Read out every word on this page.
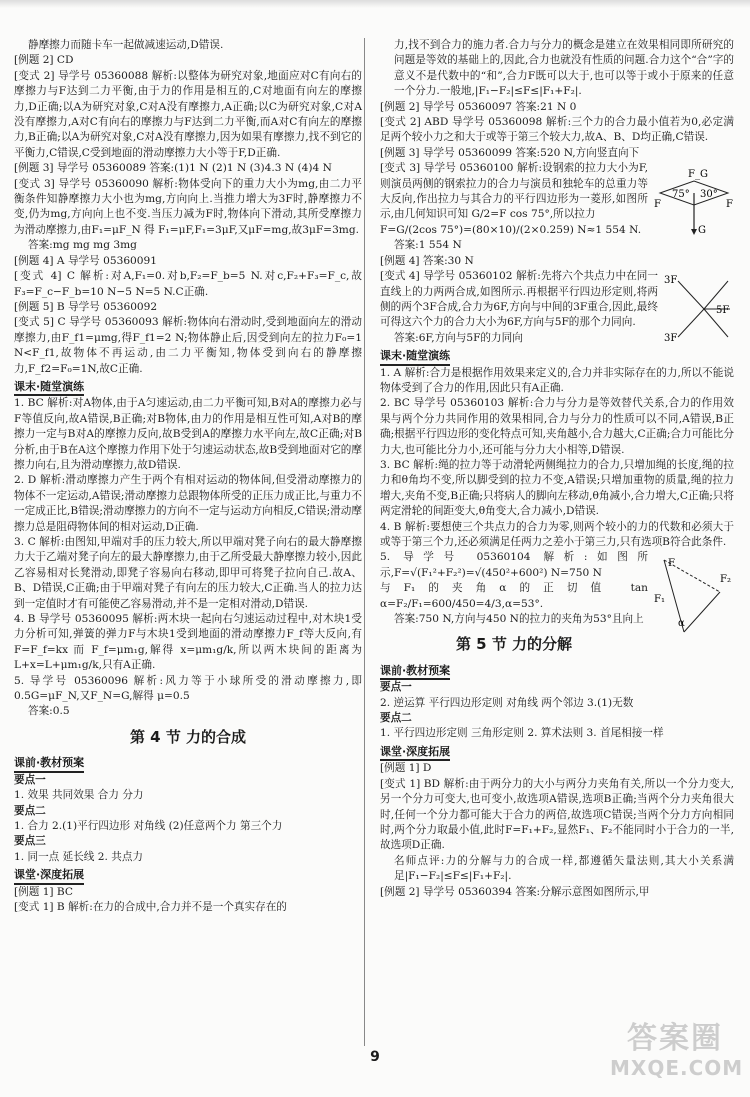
静摩擦力而随卡车一起做减速运动,D错误.

[例题 2] CD

[变式 2] 导学号 05360088 解析:以整体为研究对象,地面应对C有向右的摩擦力与F达到二力平衡,由于力的作用是相互的,C对地面有向左的摩擦力,D正确;以A为研究对象,C对A没有摩擦力,A正确;以C为研究对象,C对A没有摩擦力,A对C有向右的摩擦力与F达到二力平衡,而A对C有向左的摩擦力,B正确;以A为研究对象,C对A没有摩擦力,因为如果有摩擦力,找不到它的平衡力,C错误,C受到地面的滑动摩擦力大小等于F,D正确.

[例题 3] 导学号 05360089 答案:(1)1 N (2)1 N (3)4.3 N (4)4 N

[变式 3] 导学号 05360090 解析:物体受向下的重力大小为mg,由二力平衡条件知静摩擦力大小也为mg,方向向上.当推力增大为3F时,静摩擦力不变,仍为mg,方向向上也不变.当压力减为F时,物体向下滑动,其所受摩擦力为滑动摩擦力,由F₁=μF_N 得 F₁=μF,F₁=3μF,又μF=mg,故3μF=3mg.

答案:mg mg mg 3mg

[例题 4] A 导学号 05360091

[变式 4] C 解析:对A,F₁=0.对b,F₂=F_b=5 N.对c,F₂+F₃=F_c,故F₃=F_c−F_b=10 N−5 N=5 N.C正确.

[例题 5] B 导学号 05360092

[变式 5] C 导学号 05360093 解析:物体向右滑动时,受到地面向左的滑动摩擦力,由F_f1=μmg,得F_f1=2 N;物体静止后,因受到向左的拉力F₀=1 N<F_f1,故物体不再运动,由二力平衡知,物体受到向右的静摩擦力,F_f2=F₀=1N,故C正确.

课末·随堂演练

1. BC 解析:对A物体,由于A匀速运动,由二力平衡可知,B对A的摩擦力必与F等值反向,故A错误,B正确;对B物体,由力的作用是相互性可知,A对B的摩擦力一定与B对A的摩擦力反向,故B受到A的摩擦力水平向左,故C正确;对B分析,由于B在A这个摩擦力作用下处于匀速运动状态,故B受到地面对它的摩擦力向右,且为滑动摩擦力,故D错误.

2. D 解析:滑动摩擦力产生于两个有相对运动的物体间,但受滑动摩擦力的物体不一定运动,A错误;滑动摩擦力总跟物体所受的正压力成正比,与重力不一定成正比,B错误;滑动摩擦力的方向不一定与运动方向相反,C错误;滑动摩擦力总是阻碍物体间的相对运动,D正确.

3. C 解析:由图知,甲端对手的压力较大,所以甲端对凳子向右的最大静摩擦力大于乙端对凳子向左的最大静摩擦力,由于乙所受最大静摩擦力较小,因此乙容易相对长凳滑动,即凳子容易向右移动,即甲可将凳子拉向自己.故A、B、D错误,C正确;由于甲端对凳子有向左的压力较大,C正确.当人的拉力达到一定值时才有可能使乙容易滑动,并不是一定相对滑动,D错误.

4. B 导学号 05360095 解析:两木块一起向右匀速运动过程中,对木块1受力分析可知,弹簧的弹力F与木块1受到地面的滑动摩擦力F_f等大反向,有F=F_f=kx 而 F_f=μm₁g,解得 x=μm₁g/k,所以两木块间的距离为 L+x=L+μm₁g/k,只有A正确.

5. 导学号 05360096 解析:风力等于小球所受的滑动摩擦力,即 0.5G=μF_N,又F_N=G,解得 μ=0.5

答案:0.5

第 4 节 力的合成

课前·教材预案

要点一

1. 效果 共同效果 合力 分力

要点二

1. 合力 2.(1)平行四边形 对角线 (2)任意两个力 第三个力

要点三

1. 同一点 延长线 2. 共点力

课堂·深度拓展

[例题 1] BC

[变式 1] B 解析:在力的合成中,合力并不是一个真实存在的

力,找不到合力的施力者.合力与分力的概念是建立在效果相同即所研究的问题是等效的基础上的,因此,合力也就没有性质的问题.合力这个“合”字的意义不是代数中的“和”,合力F既可以大于,也可以等于或小于原来的任意一个分力.一般地,|F₁−F₂|≤F≤|F₁+F₂|.

[例题 2] 导学号 05360097 答案:21 N 0

[变式 2] ABD 导学号 05360098 解析:三个力的合力最小值若为0,必定满足两个较小力之和大于或等于第三个较大力,故A、B、D均正确,C错误.

[例题 3] 导学号 05360099 答案:520 N,方向竖直向下

F_G
F	F
G
75° 30°

[变式 3] 导学号 05360100 解析:设钢索的拉力大小为F,则演员两侧的钢索拉力的合力与演员和独轮车的总重力等大反向,作出拉力与其合力的平行四边形为一菱形,如图所示,由几何知识可知 G/2=F cos 75°,所以拉力

F=G/(2cos 75°)=(80×10)/(2×0.259) N≈1 554 N.

答案:1 554 N

[例题 4] 答案:30 N

3F
3F
5F

[变式 4] 导学号 05360102 解析:先将六个共点力中在同一直线上的力两两合成,如图所示.再根据平行四边形定则,将两侧的两个3F合成,合力为6F,方向与中间的3F重合,因此,最终可得这六个力的合力大小为6F,方向与5F的那个力同向.

答案:6F,方向与5F的力同向

课末·随堂演练

1. A 解析:合力是根据作用效果来定义的,合力并非实际存在的力,所以不能说物体受到了合力的作用,因此只有A正确.

2. BC 导学号 05360103 解析:合力与分力是等效替代关系,合力的作用效果与两个分力共同作用的效果相同,合力与分力的性质可以不同,A错误,B正确;根据平行四边形的变化特点可知,夹角越小,合力越大,C正确;合力可能比分力大,也可能比分力小,还可能与分力大小相等,D错误.

3. BC 解析:绳的拉力等于动滑轮两侧绳拉力的合力,只增加绳的长度,绳的拉力和θ角均不变,所以脚受到的拉力不变,A错误;只增加重物的质量,绳的拉力增大,夹角不变,B正确;只将病人的脚向左移动,θ角减小,合力增大,C正确;只将两定滑轮的间距变大,θ角变大,合力减小,D错误.

4. B 解析:要想使三个共点力的合力为零,则两个较小的力的代数和必须大于或等于第三个力,还必须满足任两力之差小于第三力,只有选项B符合此条件.

F
F₁
F₂
α

5. 导学号 05360104 解析:如图所示,F=√(F₁²+F₂²)=√(450²+600²) N=750 N

与F₁的夹角α的正切值 tan α=F₂/F₁=600/450=4/3,α=53°.

答案:750 N,方向与450 N的拉力的夹角为53°且向上

第 5 节 力的分解

课前·教材预案

要点一

2. 逆运算 平行四边形定则 对角线 两个邻边 3.(1)无数

要点二

1. 平行四边形定则 三角形定则 2. 算术法则 3. 首尾相接一样

课堂·深度拓展

[例题 1] D

[变式 1] BD 解析:由于两分力的大小与两分力夹角有关,所以一个分力变大,另一个分力可变大,也可变小,故选项A错误,选项B正确;当两个分力夹角很大时,任何一个分力都可能大于合力的两倍,故选项C错误;当两个分力方向相同时,两个分力取最小值,此时F=F₁+F₂,显然F₁、F₂不能同时小于合力的一半,故选项D正确.

名师点评:力的分解与力的合成一样,都遵循矢量法则,其大小关系满足|F₁−F₂|≤F≤|F₁+F₂|.

[例题 2] 导学号 05360394 答案:分解示意图如图所示,甲

9
答案圈
MXQE.COM
